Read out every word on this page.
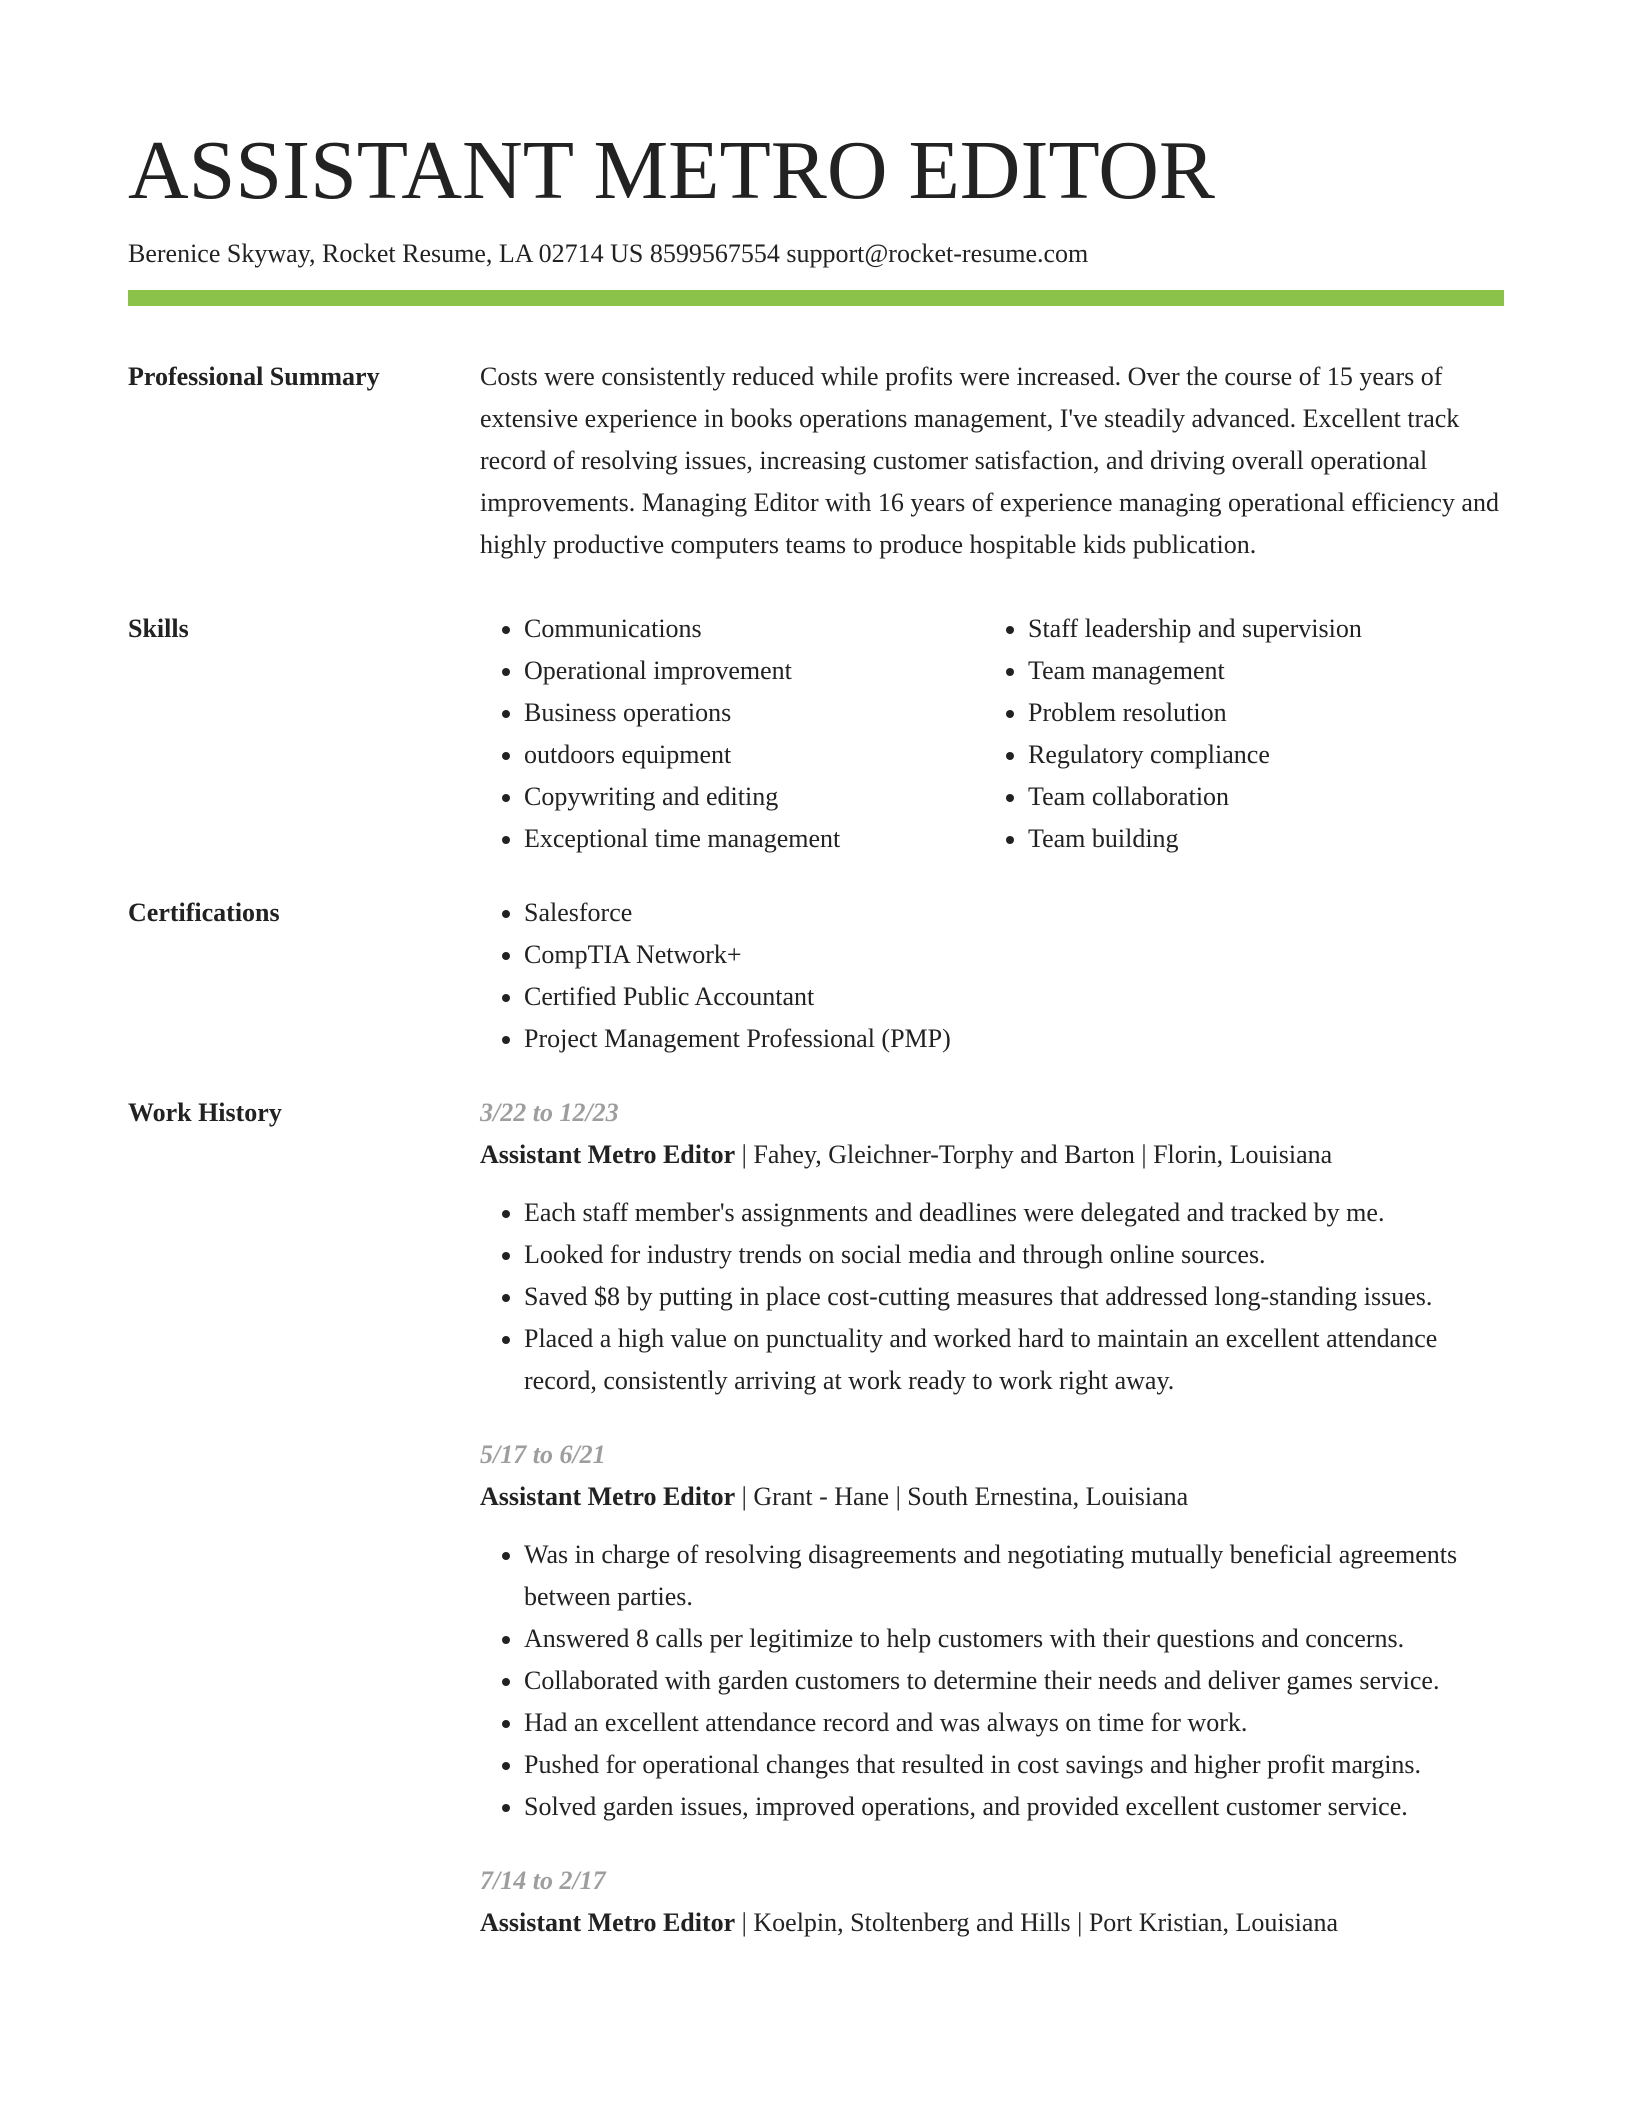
ASSISTANT METRO EDITOR
Berenice Skyway, Rocket Resume, LA 02714 US 8599567554 support@rocket-resume.com
Professional Summary	Costs were consistently reduced while profits were increased. Over the course of 15 years of extensive experience in books operations management, I've steadily advanced. Excellent track record of resolving issues, increasing customer satisfaction, and driving overall operational improvements. Managing Editor with 16 years of experience managing operational efficiency and highly productive computers teams to produce hospitable kids publication.

Skills	• Communications
• Operational improvement
• Business operations
• outdoors equipment
• Copywriting and editing
• Exceptional time management
• Staff leadership and supervision
• Team management
• Problem resolution
• Regulatory compliance
• Team collaboration
• Team building
Certifications	• Salesforce
• CompTIA Network+
• Certified Public Accountant
• Project Management Professional (PMP)
Work History	3/22 to 12/23
Assistant Metro Editor | Fahey, Gleichner-Torphy and Barton | Florin, Louisiana
• Each staff member's assignments and deadlines were delegated and tracked by me.
• Looked for industry trends on social media and through online sources.
• Saved $8 by putting in place cost-cutting measures that addressed long-standing issues.
• Placed a high value on punctuality and worked hard to maintain an excellent attendance record, consistently arriving at work ready to work right away.
5/17 to 6/21
Assistant Metro Editor | Grant - Hane | South Ernestina, Louisiana
• Was in charge of resolving disagreements and negotiating mutually beneficial agreements between parties.
• Answered 8 calls per legitimize to help customers with their questions and concerns.
• Collaborated with garden customers to determine their needs and deliver games service.
• Had an excellent attendance record and was always on time for work.
• Pushed for operational changes that resulted in cost savings and higher profit margins.
• Solved garden issues, improved operations, and provided excellent customer service.
7/14 to 2/17
Assistant Metro Editor | Koelpin, Stoltenberg and Hills | Port Kristian, Louisiana
